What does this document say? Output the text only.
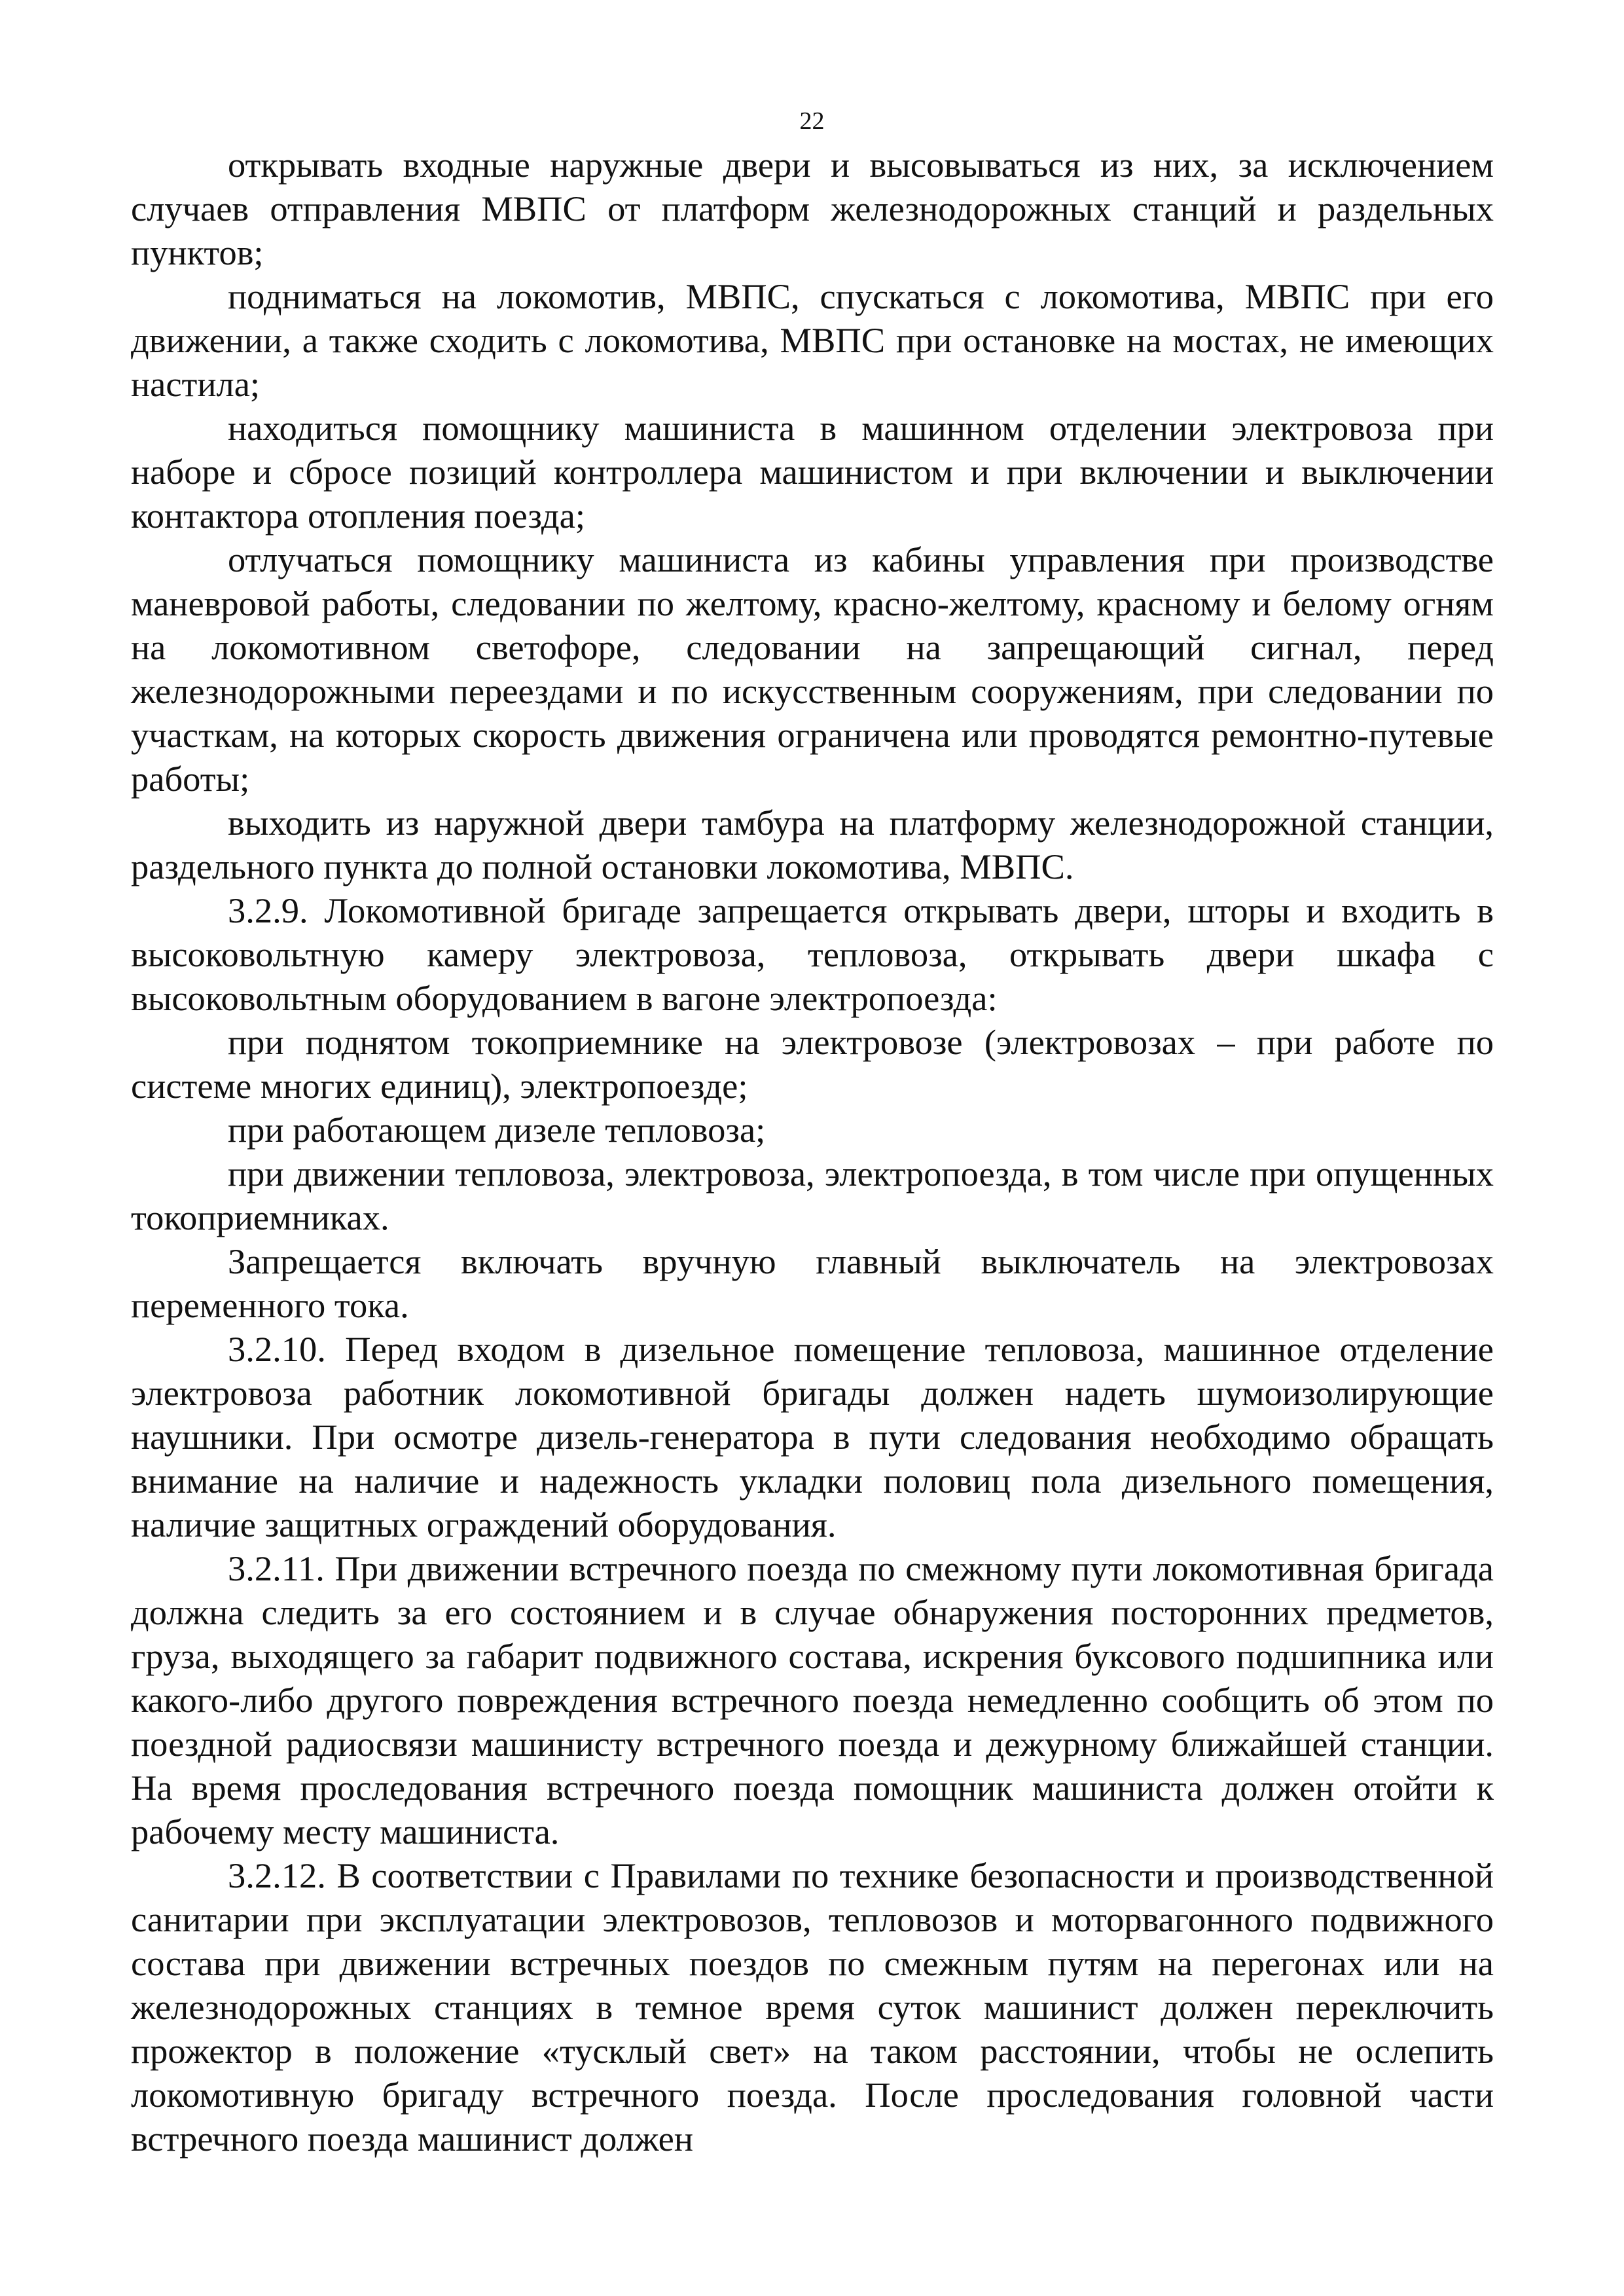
22

открывать входные наружные двери и высовываться из них, за исключением случаев отправления МВПС от платформ железнодорожных станций и раздельных пунктов;

подниматься на локомотив, МВПС, спускаться с локомотива, МВПС при его движении, а также сходить с локомотива, МВПС при остановке на мостах, не имеющих настила;

находиться помощнику машиниста в машинном отделении электровоза при наборе и сбросе позиций контроллера машинистом и при включении и выключении контактора отопления поезда;

отлучаться помощнику машиниста из кабины управления при производстве маневровой работы, следовании по желтому, красно-желтому, красному и белому огням на локомотивном светофоре, следовании на запрещающий сигнал, перед железнодорожными переездами и по искусственным сооружениям, при следовании по участкам, на которых скорость движения ограничена или проводятся ремонтно-путевые работы;

выходить из наружной двери тамбура на платформу железнодорожной станции, раздельного пункта до полной остановки локомотива, МВПС.

3.2.9. Локомотивной бригаде запрещается открывать двери, шторы и входить в высоковольтную камеру электровоза, тепловоза, открывать двери шкафа с высоковольтным оборудованием в вагоне электропоезда:

при поднятом токоприемнике на электровозе (электровозах – при работе по системе многих единиц), электропоезде;

при работающем дизеле тепловоза;

при движении тепловоза, электровоза, электропоезда, в том числе при опущенных токоприемниках.

Запрещается включать вручную главный выключатель на электровозах переменного тока.

3.2.10. Перед входом в дизельное помещение тепловоза, машинное отделение электровоза работник локомотивной бригады должен надеть шумоизолирующие наушники. При осмотре дизель-генератора в пути следования необходимо обращать внимание на наличие и надежность укладки половиц пола дизельного помещения, наличие защитных ограждений оборудования.

3.2.11. При движении встречного поезда по смежному пути локомотивная бригада должна следить за его состоянием и в случае обнаружения посторонних предметов, груза, выходящего за габарит подвижного состава, искрения буксового подшипника или какого-либо другого повреждения встречного поезда немедленно сообщить об этом по поездной радиосвязи машинисту встречного поезда и дежурному ближайшей станции. На время проследования встречного поезда помощник машиниста должен отойти к рабочему месту машиниста.

3.2.12. В соответствии с Правилами по технике безопасности и производственной санитарии при эксплуатации электровозов, тепловозов и моторвагонного подвижного состава при движении встречных поездов по смежным путям на перегонах или на железнодорожных станциях в темное время суток машинист должен переключить прожектор в положение «тусклый свет» на таком расстоянии, чтобы не ослепить локомотивную бригаду встречного поезда. После проследования головной части встречного поезда машинист должен
